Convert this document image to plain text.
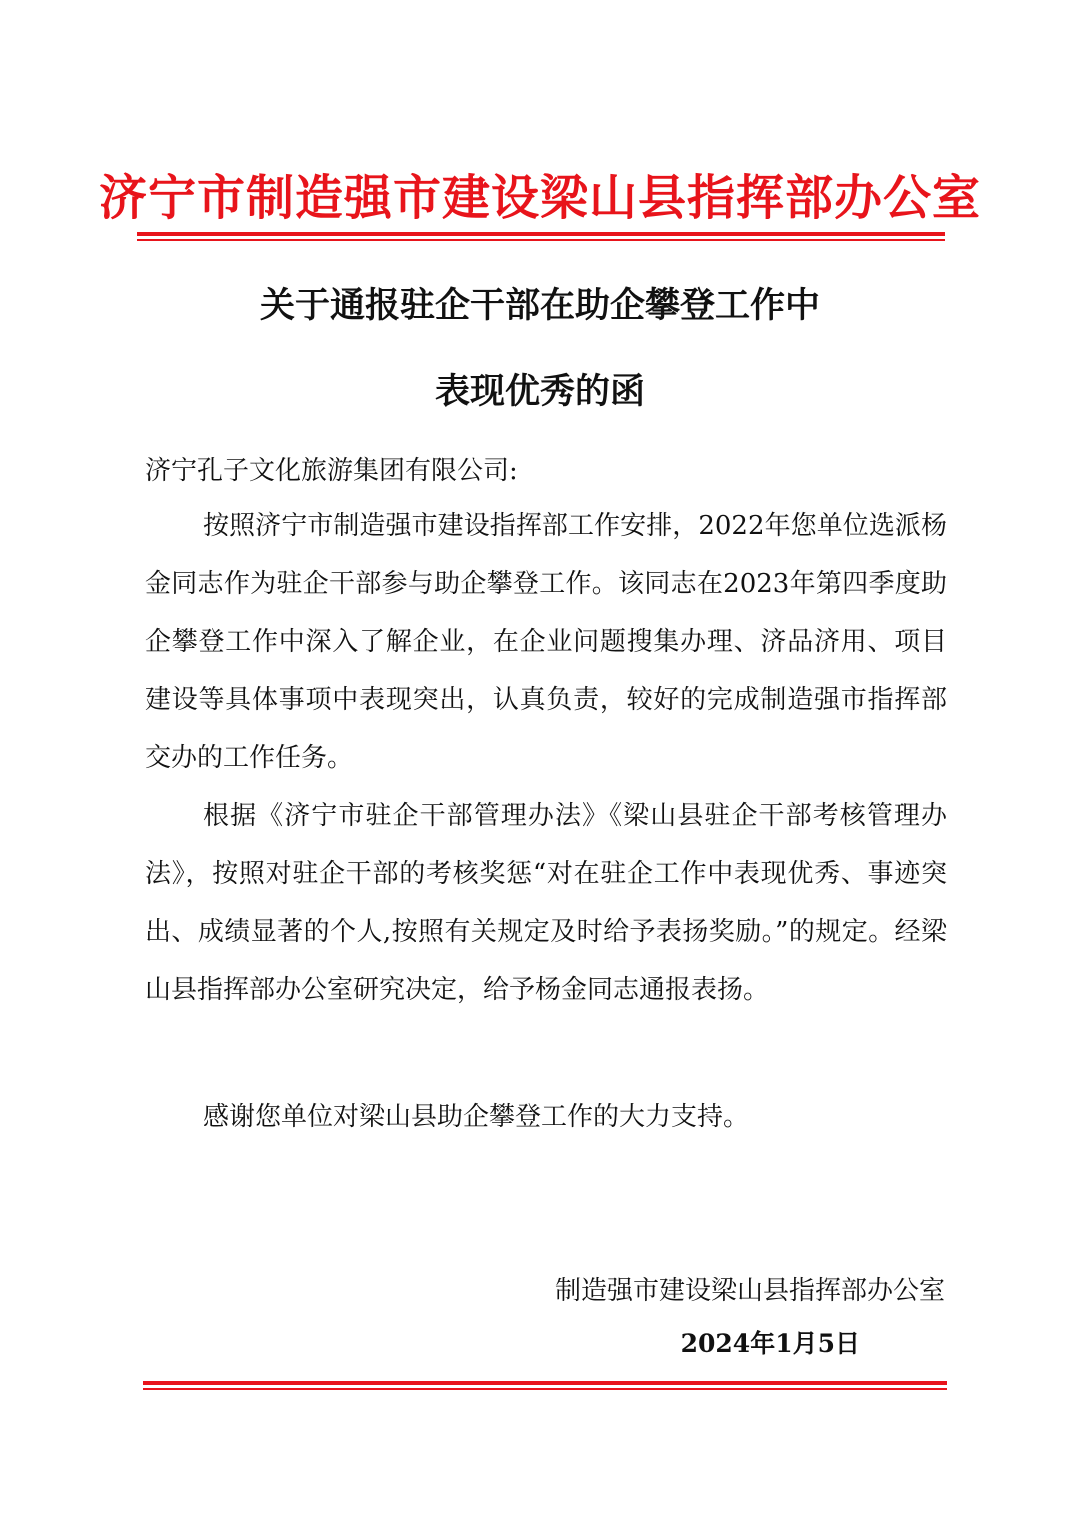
济宁市制造强市建设梁山县指挥部办公室
关于通报驻企干部在助企攀登工作中
表现优秀的函
济宁孔子文化旅游集团有限公司:
按照济宁市制造强市建设指挥部工作安排，2022年您单位选派杨金同志作为驻企干部参与助企攀登工作。该同志在2023年第四季度助企攀登工作中深入了解企业，在企业问题搜集办理、济品济用、项目建设等具体事项中表现突出，认真负责，较好的完成制造强市指挥部交办的工作任务。
根据《济宁市驻企干部管理办法》《梁山县驻企干部考核管理办法》，按照对驻企干部的考核奖惩“对在驻企工作中表现优秀、事迹突出、成绩显著的个人,按照有关规定及时给予表扬奖励。”的规定。经梁山县指挥部办公室研究决定，给予杨金同志通报表扬。
感谢您单位对梁山县助企攀登工作的大力支持。
制造强市建设梁山县指挥部办公室
2024年1月5日
